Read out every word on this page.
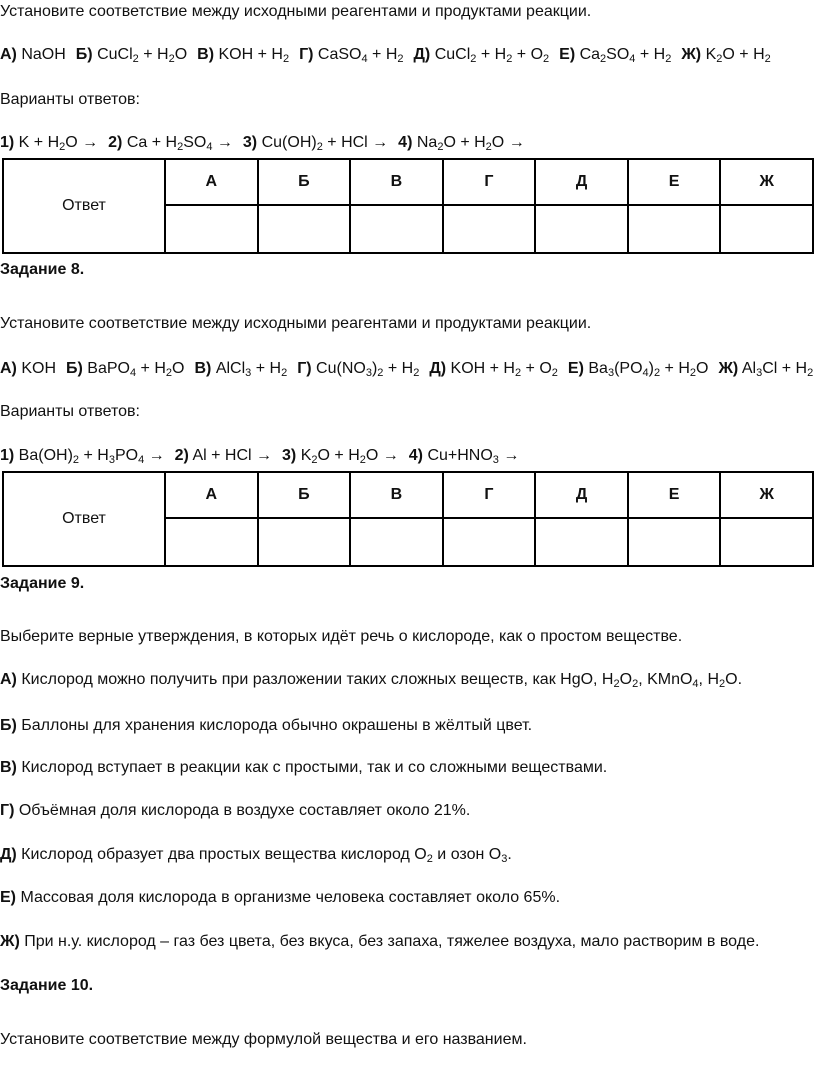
Установите соответствие между исходными реагентами и продуктами реакции.
А) NaOH Б) CuCl$_2$ + $H_2O$ В) KOH + $H_2$ Г) CaSO$_4$ + $H_2$ Д) CuCl$_2$ + $H_2 + O_2$ Е) $Ca_2SO_4 + H_2$ Ж) $K_2O + H_2$
Варианты ответов:
1) $K + H_2O \to 2$) $Ca + H_2SO_4 \to 3$) $Cu(OH)_2$ + HCl → 4) $Na_2O + H_2O$ →
Ответ	А	Б	В	Г	Д	Е	Ж

Задание 8.
Установите соответствие между исходными реагентами и продуктами реакции.
А) KOH Б) BaPO$_4$ + $H_2O$ В) AlCl$_3$ + $H_2$ Г) $Cu(NO_3)_2 + H_2$ Д) KOH + $H_2 + O_2$ Е) $Ba_3(PO_4)_2 + H_2O$ Ж) $Al_3Cl + H_2$
Варианты ответов:
1) $Ba(OH)_2 + H_3PO_4 \to 2$) Al + HCl → 3) $K_2O + H_2O \to 4$) $Cu+HNO_3$ →
Ответ	А	Б	В	Г	Д	Е	Ж

Задание 9.
Выберите верные утверждения, в которых идёт речь о кислороде, как о простом веществе.
А) Кислород можно получить при разложении таких сложных веществ, как HgO, $H_2O_2$, KMnO$_4$, $H_2O$.
Б) Баллоны для хранения кислорода обычно окрашены в жёлтый цвет.
В) Кислород вступает в реакции как с простыми, так и со сложными веществами.
Г) Объёмная доля кислорода в воздухе составляет около 21%.
Д) Кислород образует два простых вещества кислород $O_2$ и озон $O_3$.
Е) Массовая доля кислорода в организме человека составляет около 65%.
Ж) При н.у. кислород – газ без цвета, без вкуса, без запаха, тяжелее воздуха, мало растворим в воде.
Задание 10.
Установите соответствие между формулой вещества и его названием.
